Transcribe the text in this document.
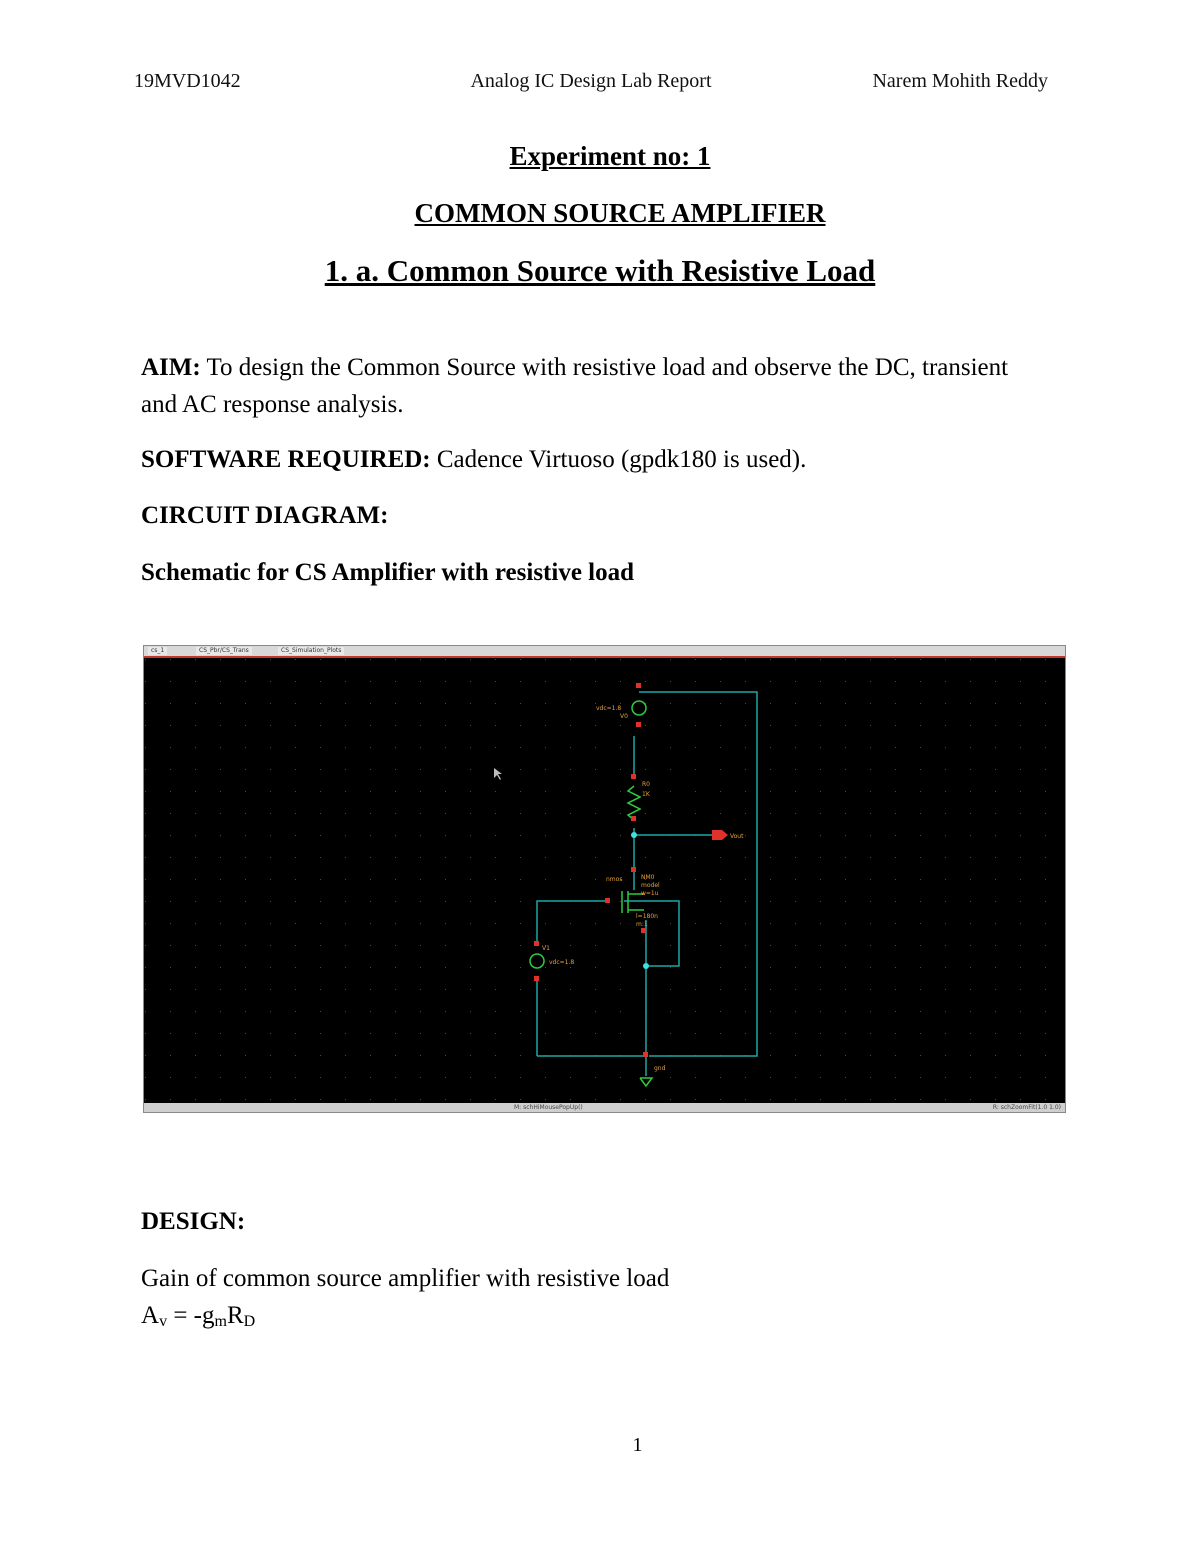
19MVD1042	Analog IC Design Lab Report	Narem Mohith Reddy
Experiment no: 1
COMMON SOURCE AMPLIFIER
1. a. Common Source with Resistive Load
AIM: To design the Common Source with resistive load and observe the DC, transient and AC response analysis.
SOFTWARE REQUIRED: Cadence Virtuoso (gpdk180 is used).
CIRCUIT DIAGRAM:
Schematic for CS Amplifier with resistive load
cs_1	CS_Pbr/CS_Trans	CS_Simulation_Plots
vdc=1.8
V0
R0
1K
Vout
nmos	NM0
model
w=1u
l=180n
m:1
V1
vdc=1.8
gnd
M: schHiMousePopUp()	R: schZoomFit(1.0 1.0)
DESIGN:
Gain of common source amplifier with resistive load
$A_v = -g_mR_D$
1
